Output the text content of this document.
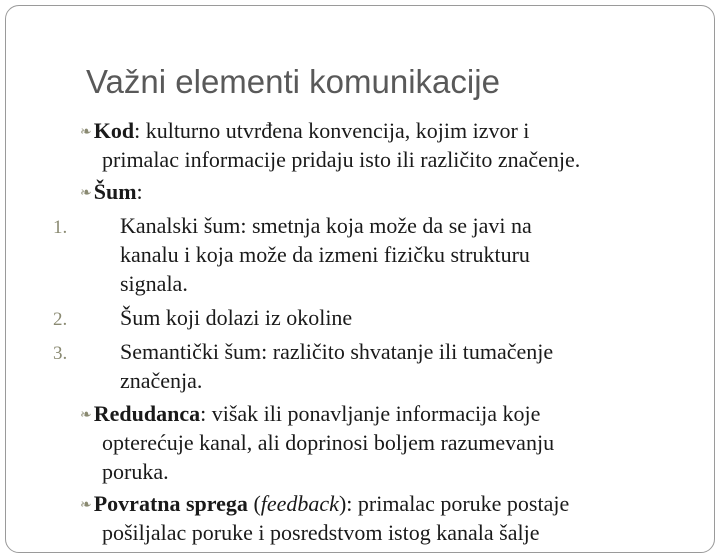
Važni elementi komunikacije
❧Kod: kulturno utvrđena konvencija, kojim izvor i
primalac informacije pridaju isto ili različito značenje.
❧Šum:
1. Kanalski šum: smetnja koja može da se javi na
kanalu i koja može da izmeni fizičku strukturu
signala.
2. Šum koji dolazi iz okoline
3. Semantički šum: različito shvatanje ili tumačenje
značenja.
❧Redudanca: višak ili ponavljanje informacija koje
opterećuje kanal, ali doprinosi boljem razumevanju
poruka.
❧Povratna sprega (feedback): primalac poruke postaje
pošiljalac poruke i posredstvom istog kanala šalje
